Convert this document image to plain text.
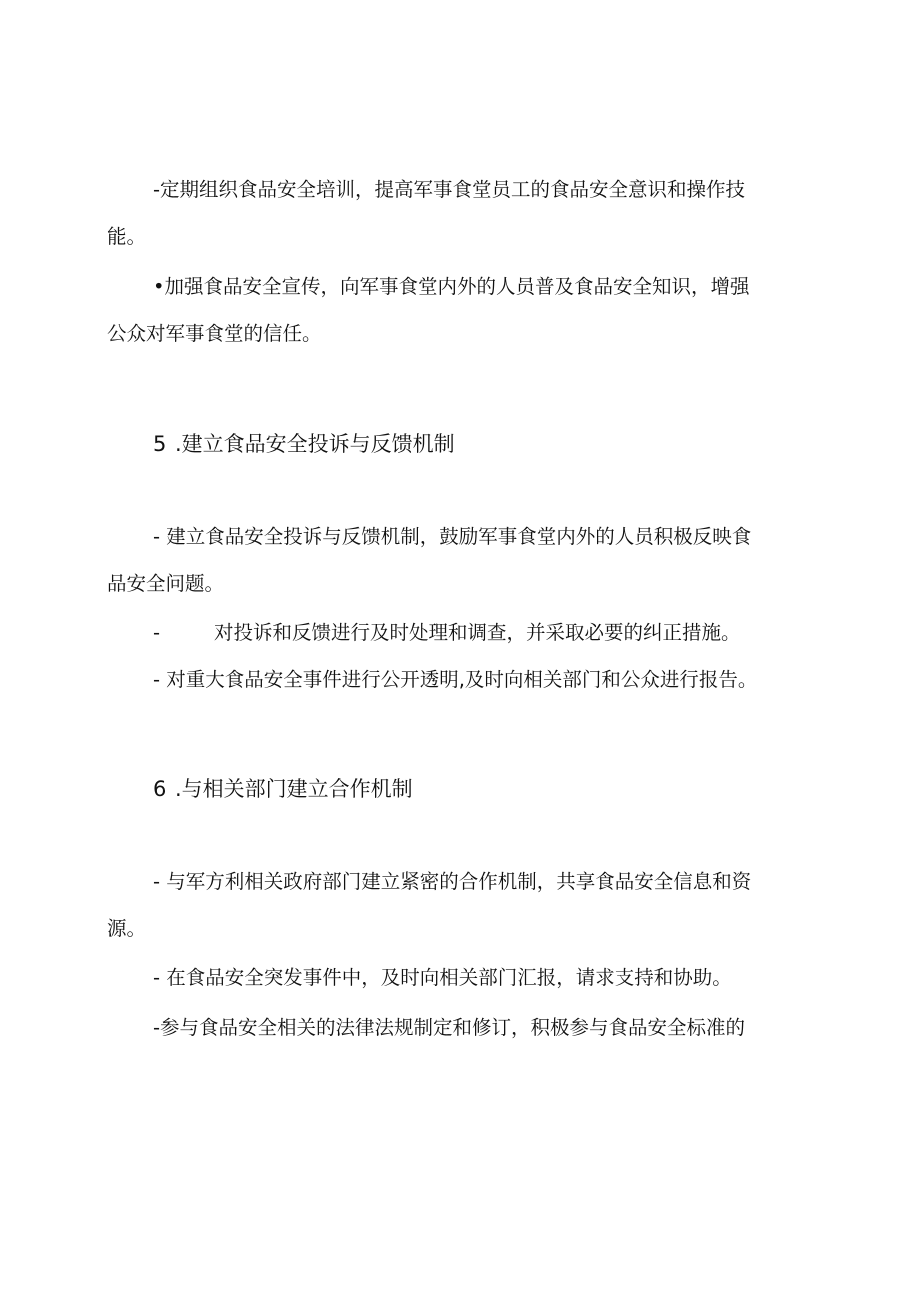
-定期组织食品安全培训，提高军事食堂员工的食品安全意识和操作技
能。
•加强食品安全宣传，向军事食堂内外的人员普及食品安全知识，增强
公众对军事食堂的信任。
5 .建立食品安全投诉与反馈机制
- 建立食品安全投诉与反馈机制，鼓励军事食堂内外的人员积极反映食
品安全问题。
-	对投诉和反馈进行及时处理和调查，并采取必要的纠正措施。
- 对重大食品安全事件进行公开透明,及时向相关部门和公众进行报告。
6 .与相关部门建立合作机制
- 与军方利相关政府部门建立紧密的合作机制，共享食品安全信息和资
源。
- 在食品安全突发事件中，及时向相关部门汇报，请求支持和协助。
-参与食品安全相关的法律法规制定和修订，积极参与食品安全标准的
